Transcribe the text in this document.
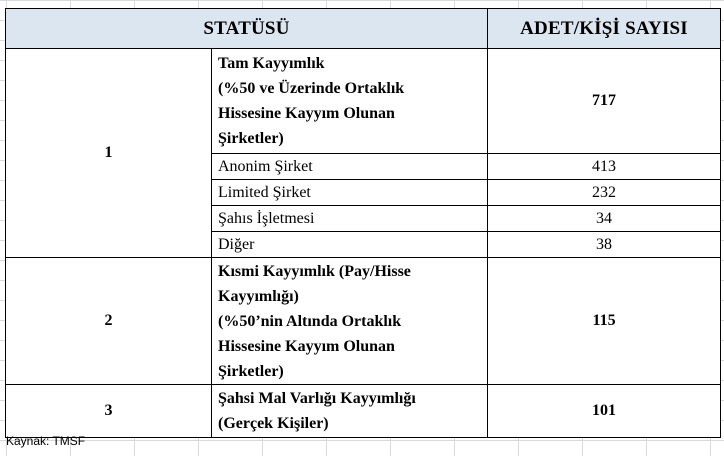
STATÜSÜ		ADET/KİŞİ SAYISI
1	Tam Kayyımlık
(%50 ve Üzerinde Ortaklık
Hissesine Kayyım Olunan
Şirketler)	717
	Anonim Şirket	413
	Limited Şirket	232
	Şahıs İşletmesi	34
	Diğer	38
2	Kısmi Kayyımlık (Pay/Hisse
Kayyımlığı)
(%50’nin Altında Ortaklık
Hissesine Kayyım Olunan
Şirketler)	115
3	Şahsi Mal Varlığı Kayyımlığı
(Gerçek Kişiler)	101
Kaynak: TMSF
